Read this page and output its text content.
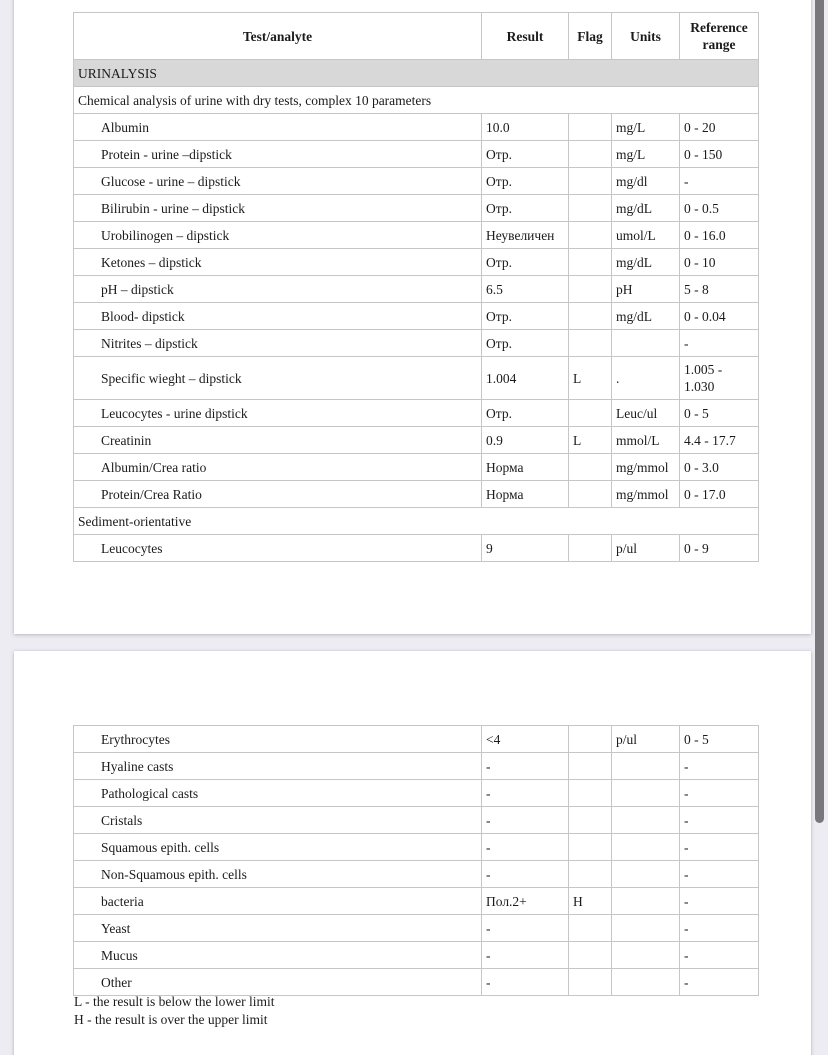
Test/analyte	Result	Flag	Units	Reference range
URINALYSIS				
Chemical analysis of urine with dry tests, complex 10 parameters				
Albumin	10.0		mg/L	0 - 20
Protein - urine –dipstick	Отр.		mg/L	0 - 150
Glucose - urine – dipstick	Отр.		mg/dl	-
Bilirubin - urine – dipstick	Отр.		mg/dL	0 - 0.5
Urobilinogen – dipstick	Неувеличен		umol/L	0 - 16.0
Ketones – dipstick	Отр.		mg/dL	0 - 10
pH – dipstick	6.5		pH	5 - 8
Blood- dipstick	Отр.		mg/dL	0 - 0.04
Nitrites – dipstick	Отр.			-
Specific wieght – dipstick	1.004	L	.	1.005 - 1.030
Leucocytes - urine dipstick	Отр.		Leuc/ul	0 - 5
Creatinin	0.9	L	mmol/L	4.4 - 17.7
Albumin/Crea ratio	Норма		mg/mmol	0 - 3.0
Protein/Crea Ratio	Норма		mg/mmol	0 - 17.0
Sediment-orientative				
Leucocytes	9		p/ul	0 - 9
Erythrocytes	<4		p/ul	0 - 5
Hyaline casts	-			-
Pathological casts	-			-
Cristals	-			-
Squamous epith. cells	-			-
Non-Squamous epith. cells	-			-
bacteria	Пол.2+	H		-
Yeast	-			-
Mucus	-			-
Other	-			-
L - the result is below the lower limit
H - the result is over the upper limit
